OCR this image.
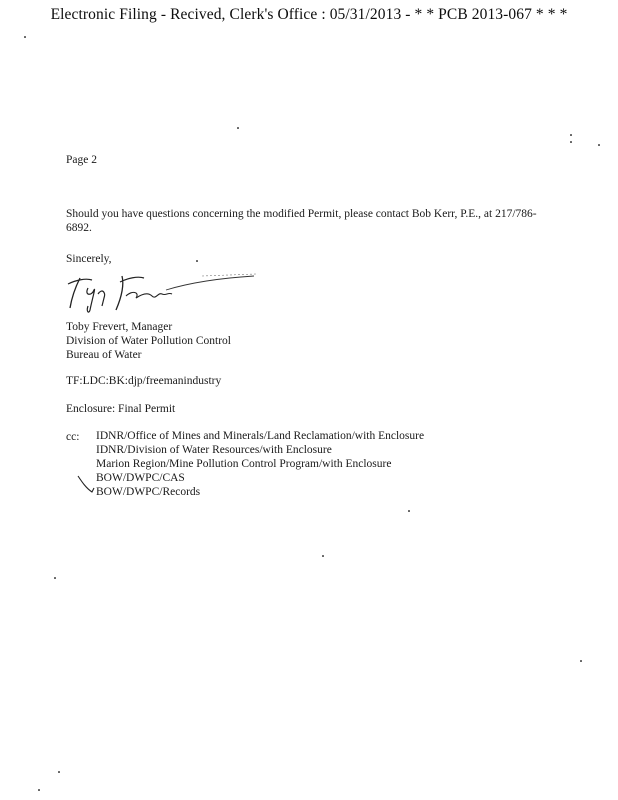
Electronic Filing - Recived, Clerk's Office : 05/31/2013 - * * PCB 2013-067 * * *
Page 2
Should you have questions concerning the modified Permit, please contact Bob Kerr, P.E., at 217/786-6892.
Sincerely,
Toby Frevert, Manager
Division of Water Pollution Control
Bureau of Water
TF:LDC:BK:djp/freemanindustry
Enclosure: Final Permit
cc: IDNR/Office of Mines and Minerals/Land Reclamation/with Enclosure
IDNR/Division of Water Resources/with Enclosure
Marion Region/Mine Pollution Control Program/with Enclosure
BOW/DWPC/CAS
BOW/DWPC/Records
